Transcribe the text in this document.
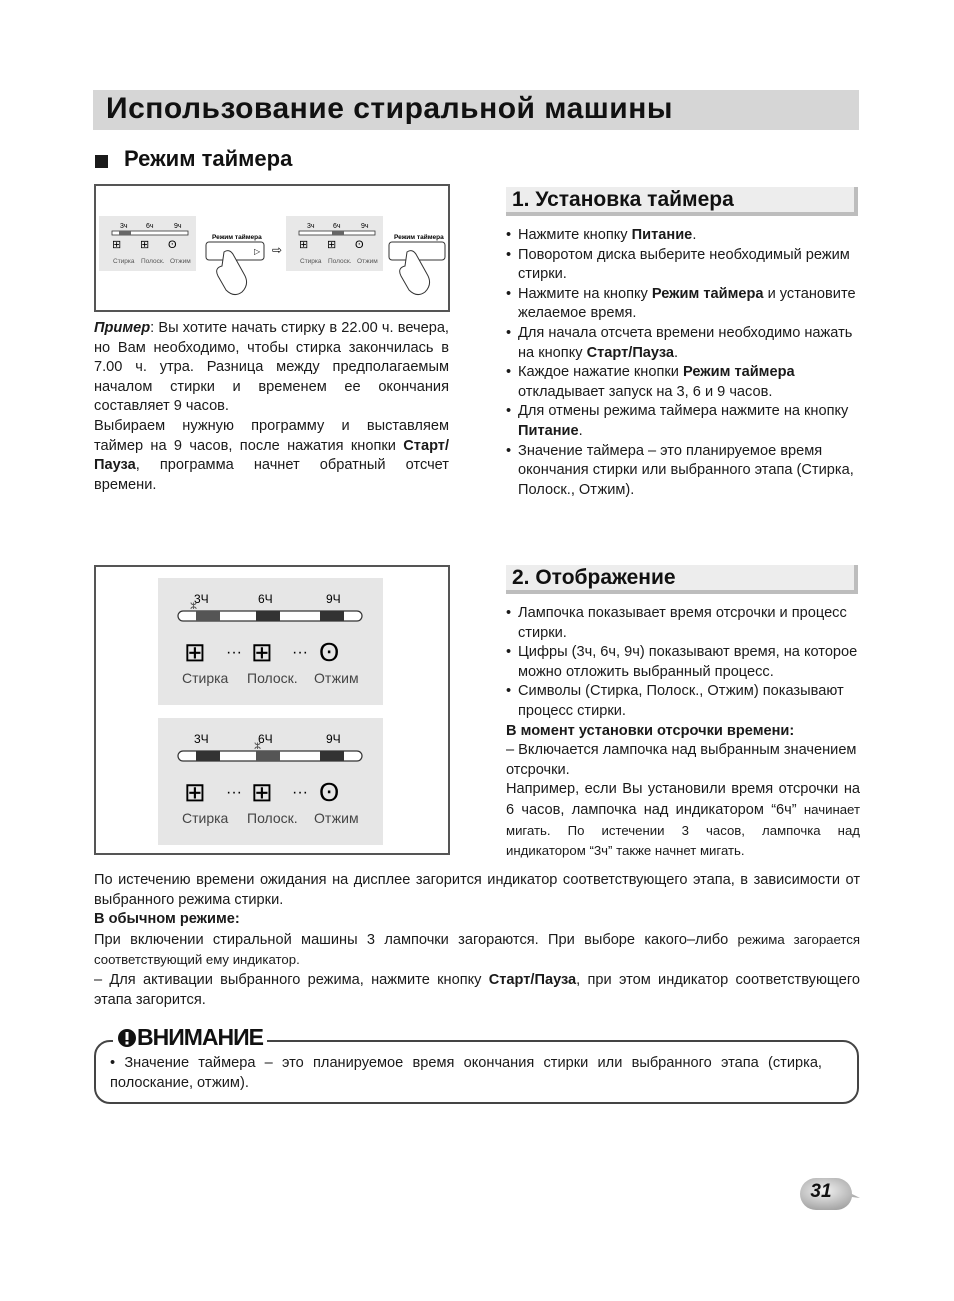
Использование стиральной машины
Режим таймера
3ч	6ч	9ч
⊞ ⊞ ʘ
Стирка Полоск. Отжим
Режим таймера
▷ ⇨
3ч	6ч	9ч
⊞ ⊞ ʘ
Стирка Полоск. Отжим
Режим таймера

Пример: Вы хотите начать стирку в 22.00 ч. вечера, но Вам необходимо, чтобы стирка закончилась в 7.00 ч. утра. Разница между предполагаемым началом стирки и временем ее окончания составляет 9 часов.

Выбираем нужную программу и выставляем таймер на 9 часов, после нажатия кнопки Старт/Пауза, программа начнет обратный отсчет времени.

1. Установка таймера
• Нажмите кнопку Питание.
• Поворотом диска выберите необходимый режим стирки.
• Нажмите на кнопку Режим таймера и установите желаемое время.
• Для начала отсчета времени необходимо нажать на кнопку Старт/Пауза.
• Каждое нажатие кнопки Режим таймера откладывает запуск на 3, 6 и 9 часов.
• Для отмены режима таймера нажмите на кнопку Питание.
• Значение таймера – это планируемое время окончания стирки или выбранного этапа (Стирка, Полоск., Отжим).
3Ч	6Ч	9Ч
ⵣ
⊞ ··· ⊞ ··· ʘ
Стирка Полоск. Отжим
3Ч	6Ч	9Ч
ⵣ
⊞ ··· ⊞ ··· ʘ
Стирка Полоск. Отжим
2. Отображение
• Лампочка показывает время отсрочки и процесс стирки.
• Цифры (3ч, 6ч, 9ч) показывают время, на которое можно отложить выбранный процесс.
• Символы (Стирка, Полоск., Отжим) показывают процесс стирки.
В момент установки отсрочки времени:
– Включается лампочка над выбранным значением отсрочки.
Например, если Вы установили время отсрочки на 6 часов, лампочка над индикатором “6ч” начинает мигать. По истечении 3 часов, лампочка над индикатором “3ч” также начнет мигать.

По истечению времени ожидания на дисплее загорится индикатор соответствующего этапа, в зависимости от выбранного режима стирки.

В обычном режиме:

При включении стиральной машины 3 лампочки загораются. При выборе какого–либо режима загорается соответствующий ему индикатор.

– Для активации выбранного режима, нажмите кнопку Старт/Пауза, при этом индикатор соответствующего этапа загорится.

ВНИМАНИЕ
• Значение таймера – это планируемое время окончания стирки или выбранного этапа (стирка, полоскание, отжим).
31
